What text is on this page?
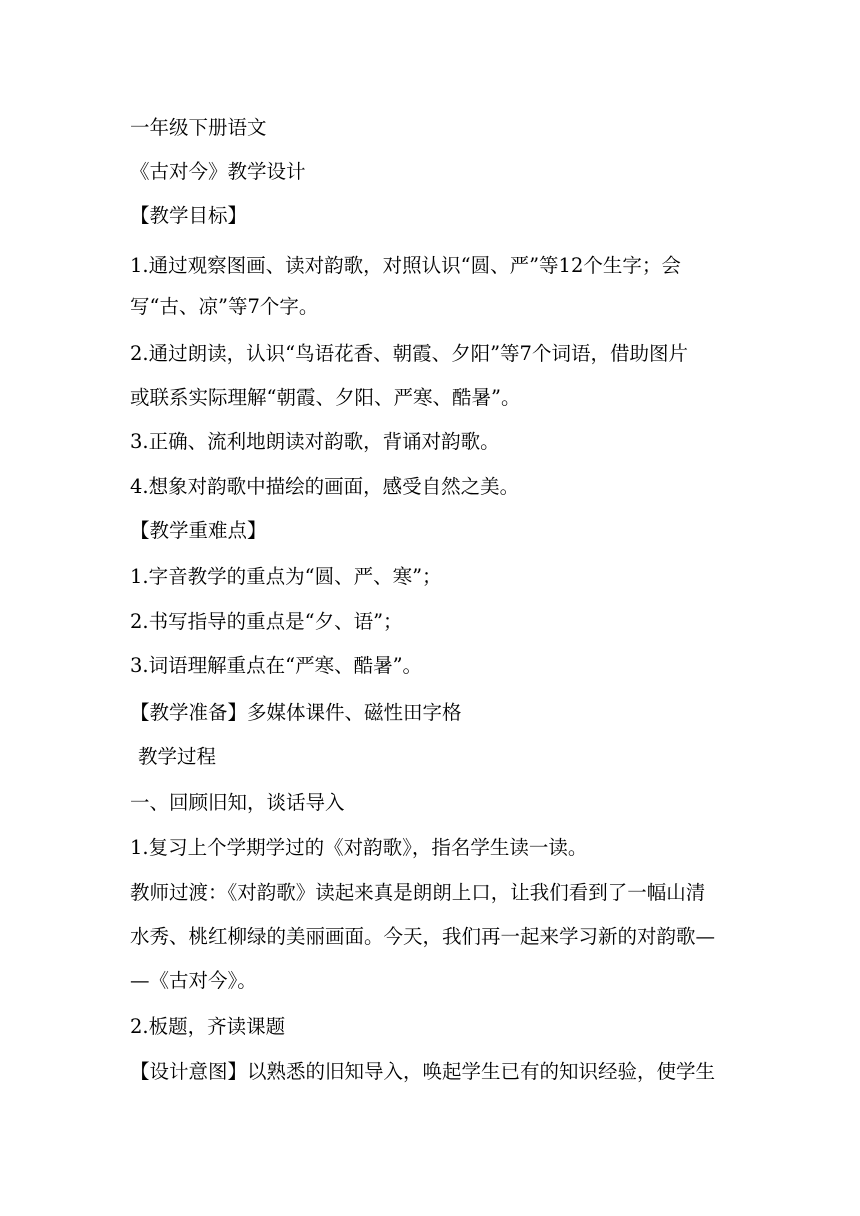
一年级下册语文
《古对今》教学设计
【教学目标】
1.通过观察图画、读对韵歌，对照认识“圆、严”等12个生字；会
写“古、凉”等7个字。
2.通过朗读，认识“鸟语花香、朝霞、夕阳”等7个词语，借助图片
或联系实际理解“朝霞、夕阳、严寒、酷暑”。
3.正确、流利地朗读对韵歌，背诵对韵歌。
4.想象对韵歌中描绘的画面，感受自然之美。
【教学重难点】
1.字音教学的重点为“圆、严、寒”；
2.书写指导的重点是“夕、语”；
3.词语理解重点在“严寒、酷暑”。
【教学准备】多媒体课件、磁性田字格
教学过程
一、回顾旧知，谈话导入
1.复习上个学期学过的《对韵歌》，指名学生读一读。
教师过渡：《对韵歌》读起来真是朗朗上口，让我们看到了一幅山清
水秀、桃红柳绿的美丽画面。今天，我们再一起来学习新的对韵歌—
—《古对今》。
2.板题，齐读课题
【设计意图】以熟悉的旧知导入，唤起学生已有的知识经验，使学生
